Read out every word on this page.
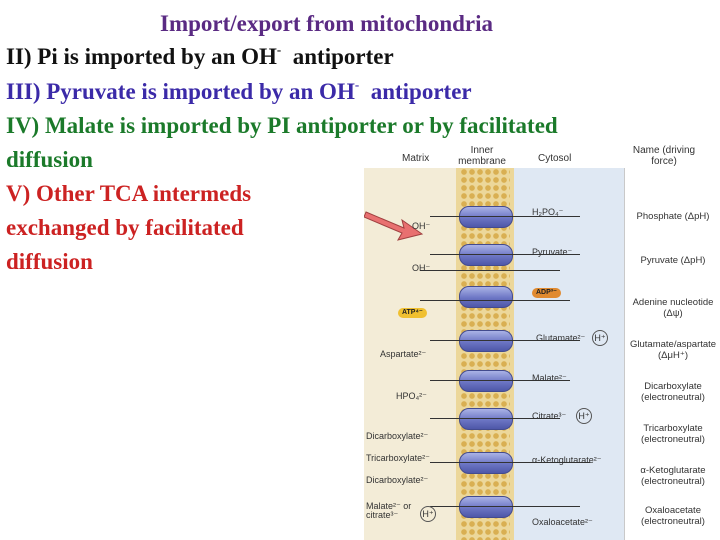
Import/export from mitochondria
II) Pi is imported by an OH-  antiporter
III) Pyruvate is imported by an OH-  antiporter
IV) Malate is imported by PI antiporter or by facilitated
diffusion
V) Other TCA intermeds
exchanged by facilitated
diffusion
Matrix
Inner membrane	Cytosol
Name (driving force)
OH⁻
OH⁻
Aspartate²⁻
HPO₄²⁻
Dicarboxylate²⁻
Tricarboxylate²⁻
Dicarboxylate²⁻
Malate²⁻ or citrate³⁻
H₂PO₄⁻
Pyruvate⁻
ADP³⁻
ATP⁴⁻
Glutamate²⁻ H⁺
Malate²⁻
Citrate³⁻ H⁺
α-Ketoglutarate²⁻
H⁺
Oxaloacetate²⁻
Phosphate (ΔpH)
Pyruvate (ΔpH)
Adenine nucleotide (Δψ)
Glutamate/aspartate (ΔμH⁺)
Dicarboxylate (electroneutral)
Tricarboxylate (electroneutral)
α-Ketoglutarate (electroneutral)
Oxaloacetate (electroneutral)
